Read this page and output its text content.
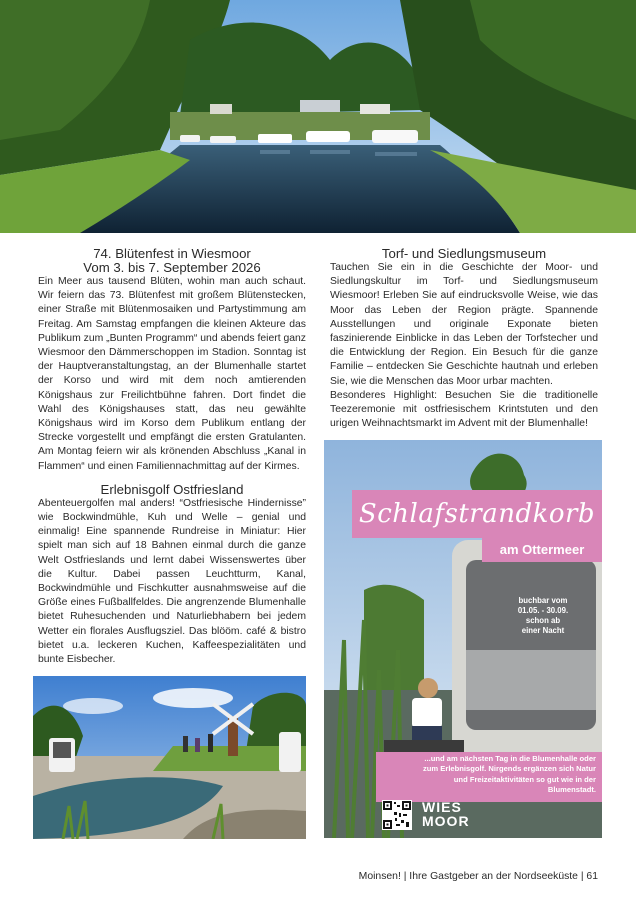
74. Blütenfest in Wiesmoor
Vom 3. bis 7. September 2026

Ein Meer aus tausend Blüten, wohin man auch schaut. Wir feiern das 73. Blütenfest mit großem Blütenstecken, einer Straße mit Blütenmosaiken und Partystimmung am Freitag. Am Samstag empfangen die kleinen Akteure das Publikum zum „Bunten Programm“ und abends feiert ganz Wiesmoor den Dämmerschoppen im Stadion. Sonntag ist der Hauptveranstaltungstag, an der Blumenhalle startet der Korso und wird mit dem noch amtierenden Königshaus zur Freilichtbühne fahren. Dort findet die Wahl des Königshauses statt, das neu gewählte Königshaus wird im Korso dem Publikum entlang der Strecke vorgestellt und empfängt die ersten Gratulanten. Am Montag feiern wir als krönenden Abschluss „Kanal in Flammen“ und einen Familiennachmittag auf der Kirmes.

Erlebnisgolf Ostfriesland

Abenteuergolfen mal anders! “Ostfriesische Hindernisse” wie Bockwindmühle, Kuh und Welle – genial und einmalig! Eine spannende Rundreise in Miniatur: Hier spielt man sich auf 18 Bahnen einmal durch die ganze Welt Ostfrieslands und lernt dabei Wissenswertes über die Kultur. Dabei passen Leuchtturm, Kanal, Bockwindmühle und Fischkutter ausnahmsweise auf die Größe eines Fußballfeldes. Die angrenzende Blumenhalle bietet Ruhesuchenden und Naturliebhabern bei jedem Wetter ein florales Ausflugsziel. Das blööm. café & bistro bietet u.a. leckeren Kuchen, Kaffeespezialitäten und bunte Eisbecher.

Torf- und Siedlungsmuseum

Tauchen Sie ein in die Geschichte der Moor- und Siedlungskultur im Torf- und Siedlungsmuseum Wiesmoor! Erleben Sie auf eindrucksvolle Weise, wie das Moor das Leben der Region prägte. Spannende Ausstellungen und originale Exponate bieten faszinierende Einblicke in das Leben der Torfstecher und die Entwicklung der Region. Ein Besuch für die ganze Familie – entdecken Sie Geschichte hautnah und erleben Sie, wie die Menschen das Moor urbar machten.

Besonderes Highlight: Besuchen Sie die traditionelle Teezeremonie mit ostfriesischem Krintstuten und den urigen Weihnachtsmarkt im Advent mit der Blumenhalle!

Schlafstrandkorb
am Ottermeer
buchbar vom
01.05. - 30.09.
schon ab
einer Nacht
...und am nächsten Tag in die Blumenhalle oder
zum Erlebnisgolf. Nirgends ergänzen sich Natur
und Freizeitaktivitäten so gut wie in der
Blumenstadt.
WIES
MOOR
Moinsen! | Ihre Gastgeber an der Nordseeküste | 61
